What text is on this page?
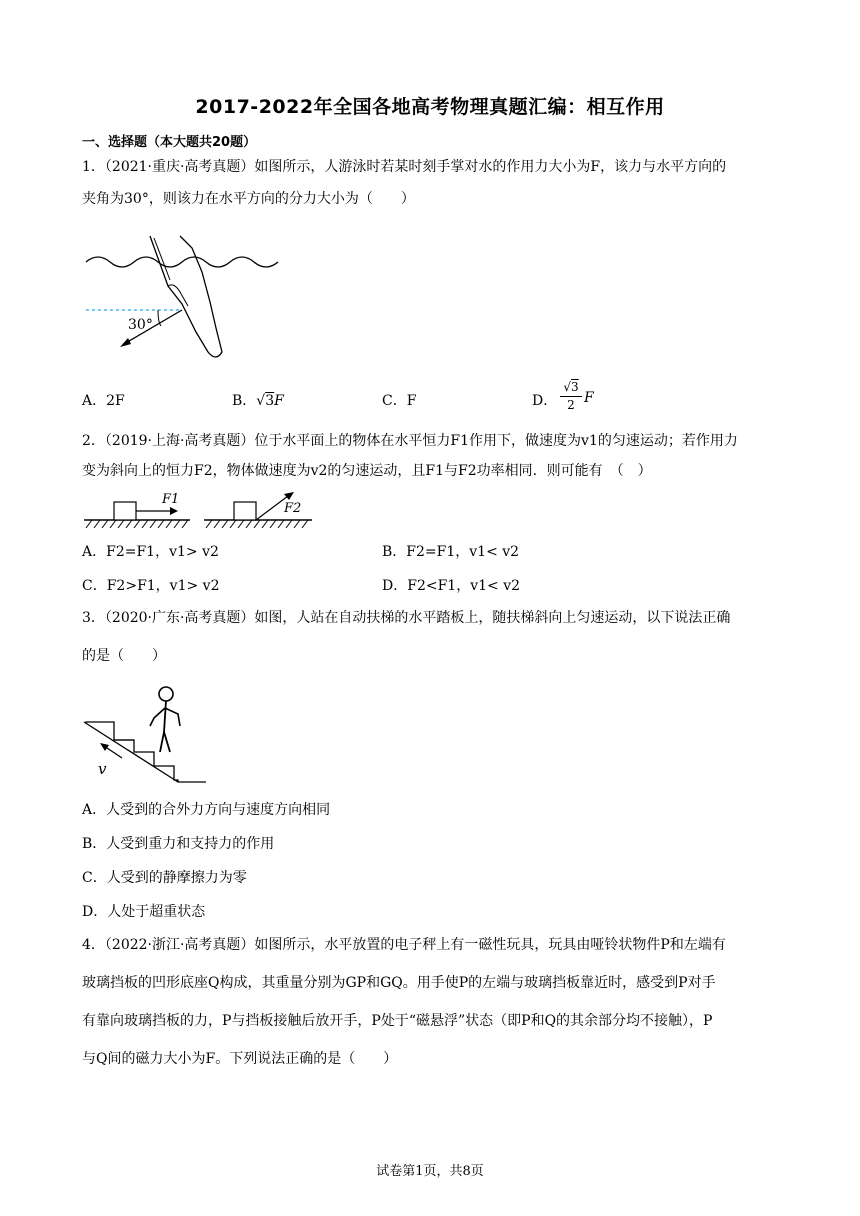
2017-2022年全国各地高考物理真题汇编：相互作用
一、选择题（本大题共20题）
1．（2021·重庆·高考真题）如图所示，人游泳时若某时刻手掌对水的作用力大小为F，该力与水平方向的
夹角为30°，则该力在水平方向的分力大小为（　　）
30°
A．2F	B．√3F	C．F	D．
√3
2 F
2．（2019·上海·高考真题）位于水平面上的物体在水平恒力F1作用下，做速度为v1的匀速运动；若作用力
变为斜向上的恒力F2，物体做速度为v2的匀速运动，且F1与F2功率相同．则可能有　（　）
F1
F2
A．F2=F1，v1> v2	B．F2=F1，v1< v2
C．F2>F1，v1> v2	D．F2<F1，v1< v2
3．（2020·广东·高考真题）如图，人站在自动扶梯的水平踏板上，随扶梯斜向上匀速运动，以下说法正确
的是（　　）
v
A．人受到的合外力方向与速度方向相同
B．人受到重力和支持力的作用
C．人受到的静摩擦力为零
D．人处于超重状态
4．（2022·浙江·高考真题）如图所示，水平放置的电子秤上有一磁性玩具，玩具由哑铃状物件P和左端有
玻璃挡板的凹形底座Q构成，其重量分别为GP和GQ。用手使P的左端与玻璃挡板靠近时，感受到P对手
有靠向玻璃挡板的力，P与挡板接触后放开手，P处于“磁悬浮”状态（即P和Q的其余部分均不接触），P
与Q间的磁力大小为F。下列说法正确的是（　　）
试卷第1页，共8页
